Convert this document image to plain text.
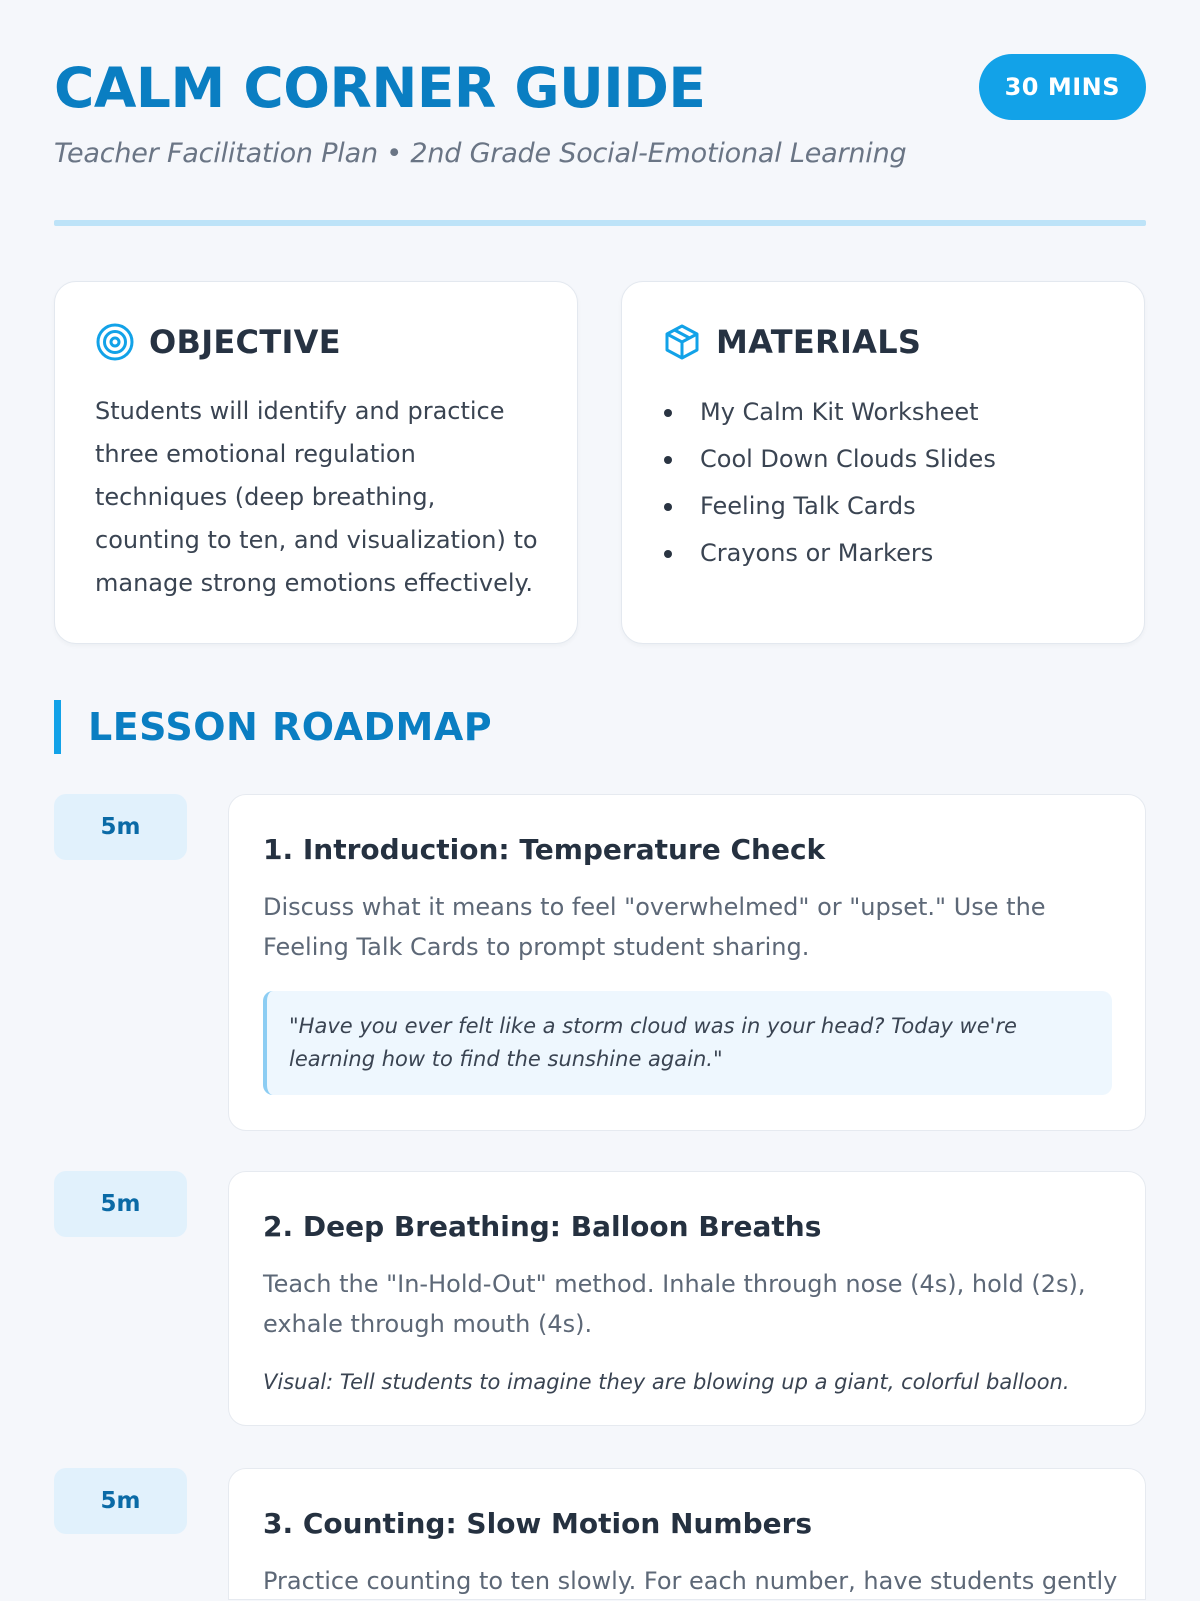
CALM CORNER GUIDE	30 MINS
Teacher Facilitation Plan • 2nd Grade Social-Emotional Learning
OBJECTIVE
Students will identify and practice three emotional regulation techniques (deep breathing, counting to ten, and visualization) to manage strong emotions effectively.
MATERIALS
My Calm Kit Worksheet
Cool Down Clouds Slides
Feeling Talk Cards
Crayons or Markers
LESSON ROADMAP
5m
1. Introduction: Temperature Check
Discuss what it means to feel "overwhelmed" or "upset." Use the Feeling Talk Cards to prompt student sharing.
"Have you ever felt like a storm cloud was in your head? Today we're learning how to find the sunshine again."
5m
2. Deep Breathing: Balloon Breaths
Teach the "In-Hold-Out" method. Inhale through nose (4s), hold (2s), exhale through mouth (4s).
Visual: Tell students to imagine they are blowing up a giant, colorful balloon.
5m
3. Counting: Slow Motion Numbers
Practice counting to ten slowly. For each number, have students gently
